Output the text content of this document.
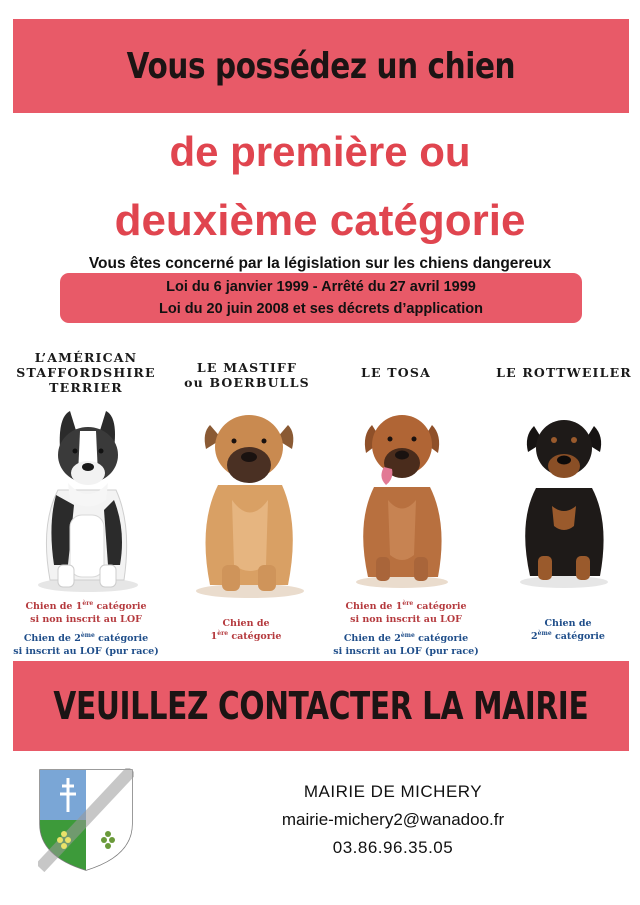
Vous possédez un chien
de première ou
deuxième catégorie
Vous êtes concerné par la législation sur les chiens dangereux
Loi du 6 janvier 1999 - Arrêté du 27 avril 1999
Loi du 20 juin 2008 et ses décrets d’application
L’AMÉRICAN
STAFFORDSHIRE
TERRIER
LE MASTIFF
ou BOERBULLS
LE TOSA	LE ROTTWEILER
Chien de 1ère catégorie
si non inscrit au LOF
Chien de 2ème catégorie
si inscrit au LOF (pur race)
Chien de
1ère catégorie
Chien de 1ère catégorie
si non inscrit au LOF
Chien de 2ème catégorie
si inscrit au LOF (pur race)
Chien de
2ème catégorie
VEUILLEZ CONTACTER LA MAIRIE
MAIRIE DE MICHERY
mairie-michery2@wanadoo.fr
03.86.96.35.05
